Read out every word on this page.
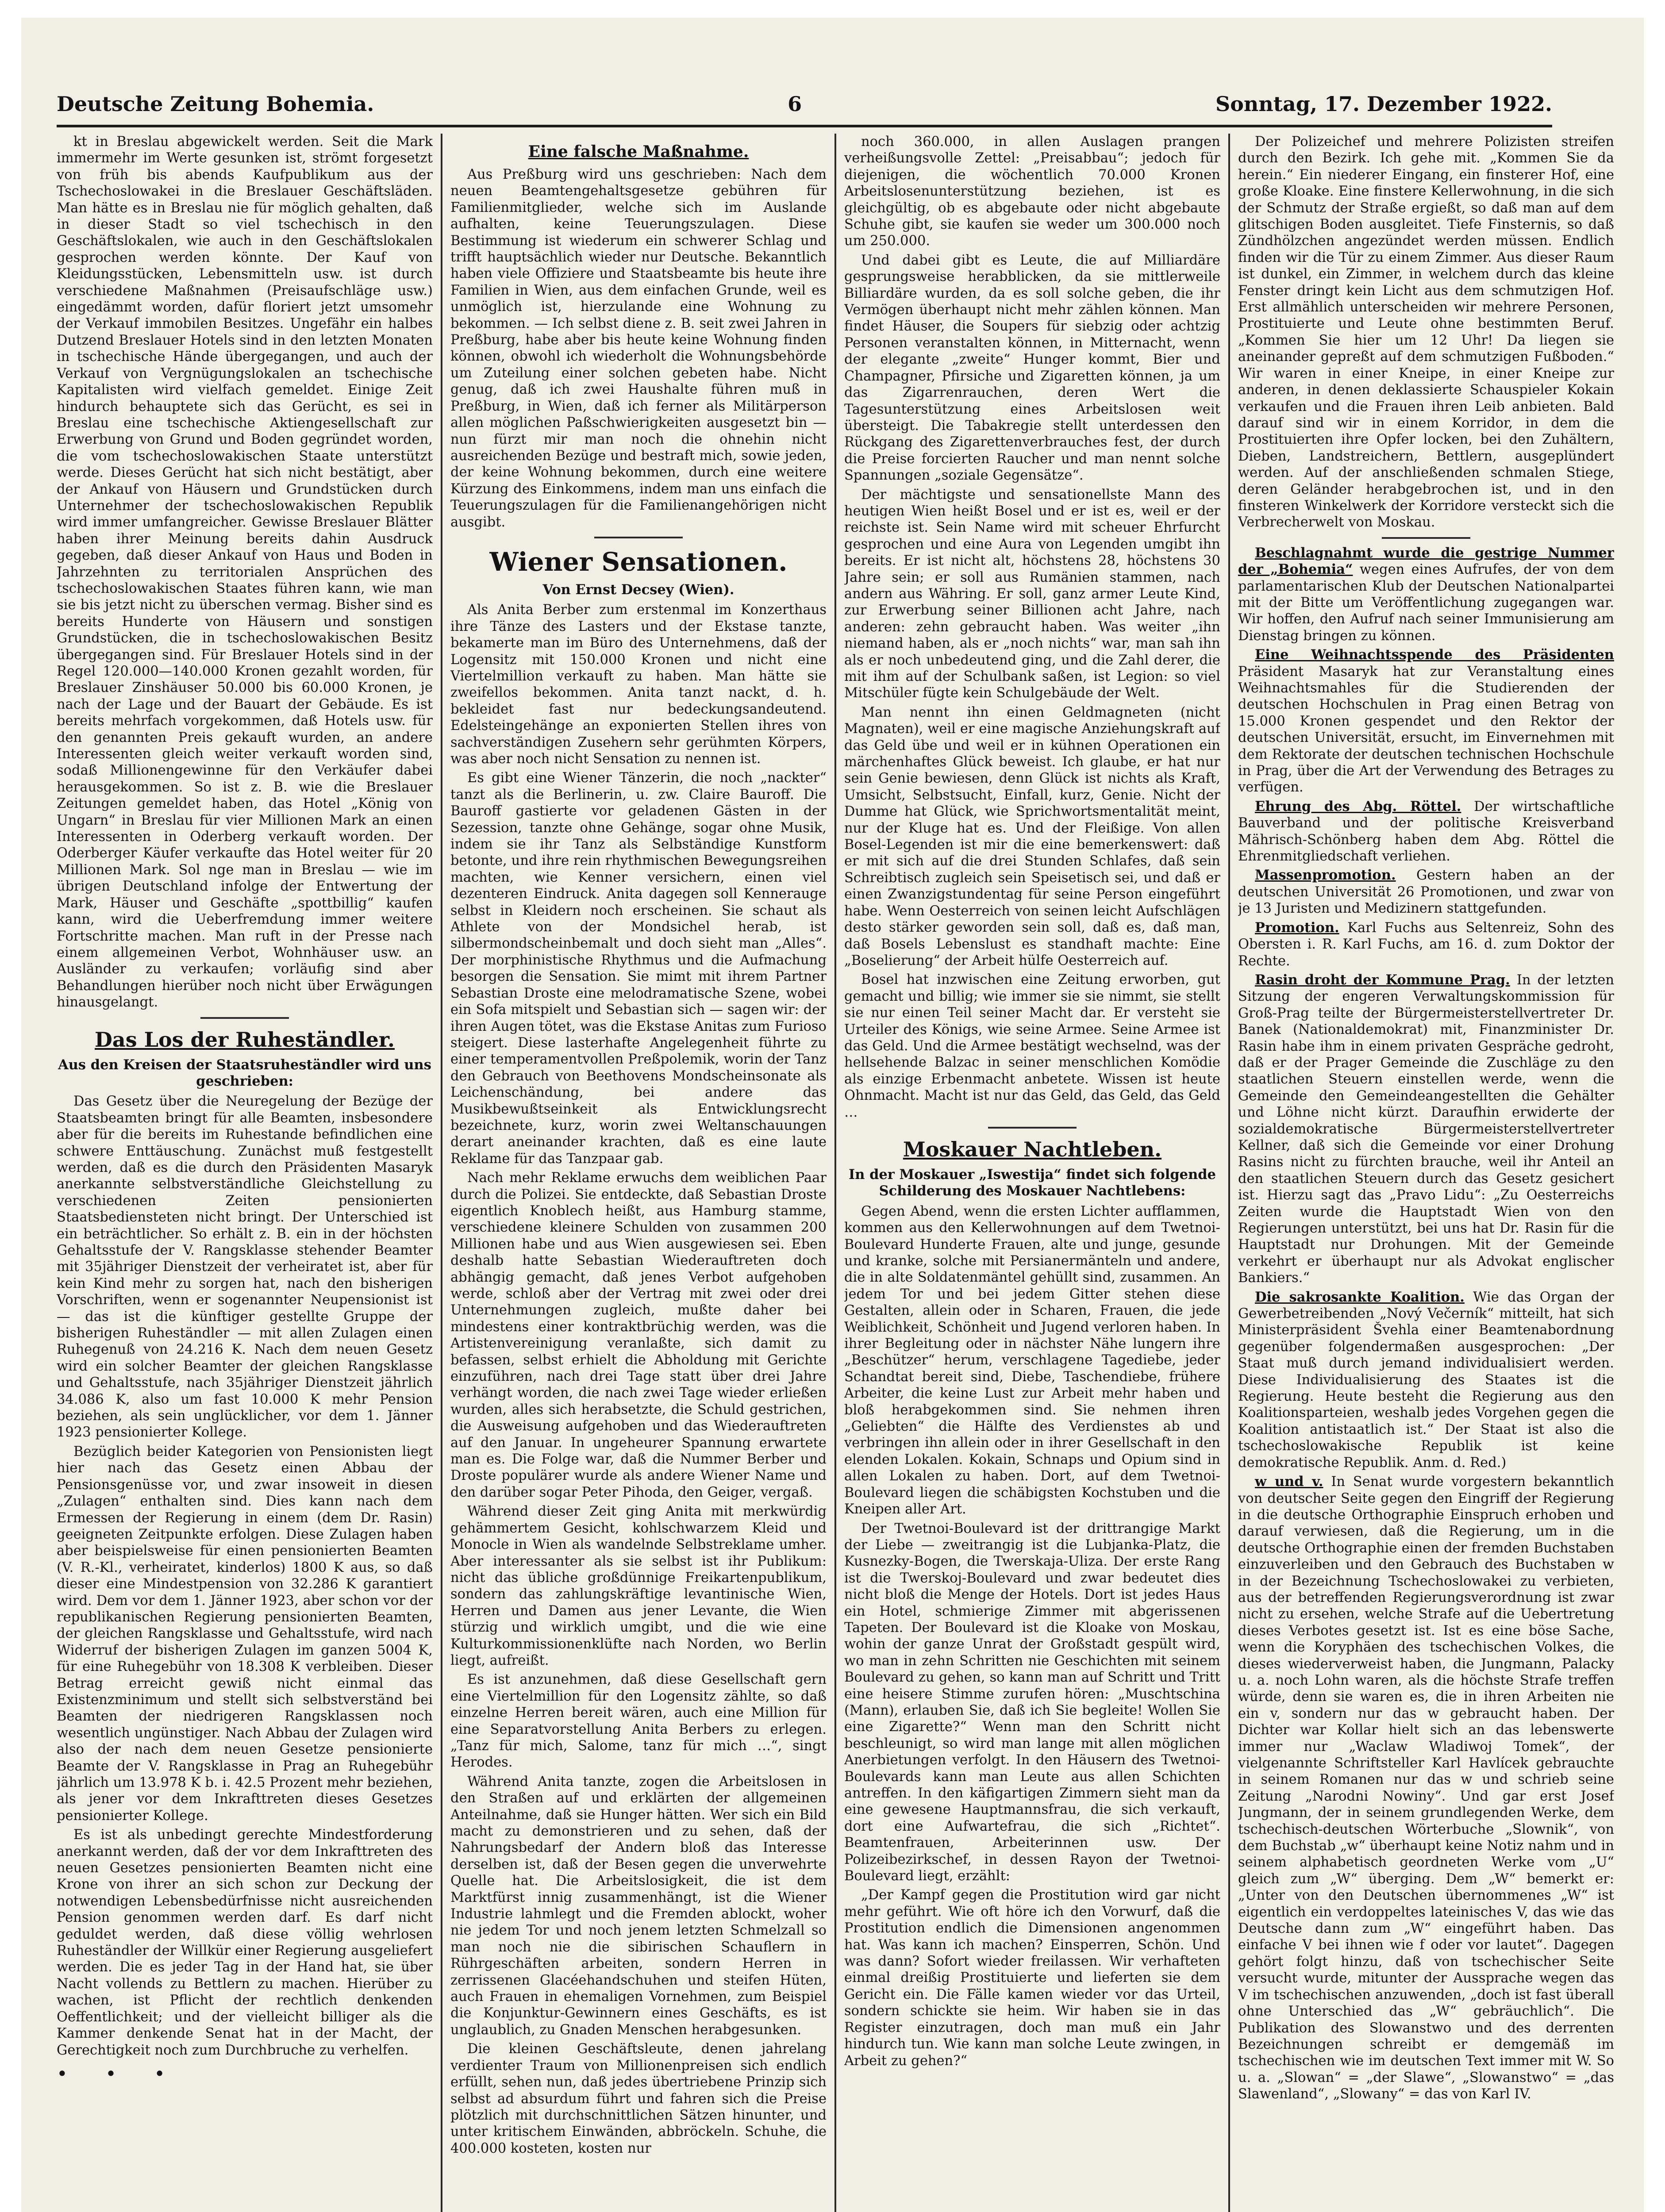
Deutsche Zeitung Bohemia.	6	Sonntag, 17. Dezember 1922.

kt in Breslau abgewickelt werden. Seit die Mark immermehr im Werte gesunken ist, strömt forgesetzt von früh bis abends Kaufpublikum aus der Tschechoslowakei in die Breslauer Geschäftsläden. Man hätte es in Breslau nie für möglich gehalten, daß in dieser Stadt so viel tschechisch in den Geschäftslokalen, wie auch in den Geschäftslokalen gesprochen werden könnte. Der Kauf von Kleidungsstücken, Lebensmitteln usw. ist durch verschiedene Maßnahmen (Preisaufschläge usw.) eingedämmt worden, dafür floriert jetzt umsomehr der Verkauf immobilen Besitzes. Ungefähr ein halbes Dutzend Breslauer Hotels sind in den letzten Monaten in tschechische Hände übergegangen, und auch der Verkauf von Vergnügungslokalen an tschechische Kapitalisten wird vielfach gemeldet. Einige Zeit hindurch behauptete sich das Gerücht, es sei in Breslau eine tschechische Aktiengesellschaft zur Erwerbung von Grund und Boden gegründet worden, die vom tschechoslowakischen Staate unterstützt werde. Dieses Gerücht hat sich nicht bestätigt, aber der Ankauf von Häusern und Grundstücken durch Unternehmer der tschechoslowakischen Republik wird immer umfangreicher. Gewisse Breslauer Blätter haben ihrer Meinung bereits dahin Ausdruck gegeben, daß dieser Ankauf von Haus und Boden in Jahrzehnten zu territorialen Ansprüchen des tschechoslowakischen Staates führen kann, wie man sie bis jetzt nicht zu überschen vermag. Bisher sind es bereits Hunderte von Häusern und sonstigen Grundstücken, die in tschechoslowakischen Besitz übergegangen sind. Für Breslauer Hotels sind in der Regel 120.000—140.000 Kronen gezahlt worden, für Breslauer Zinshäuser 50.000 bis 60.000 Kronen, je nach der Lage und der Bauart der Gebäude. Es ist bereits mehrfach vorgekommen, daß Hotels usw. für den genannten Preis gekauft wurden, an andere Interessenten gleich weiter verkauft worden sind, sodaß Millionengewinne für den Verkäufer dabei herausgekommen. So ist z. B. wie die Breslauer Zeitungen gemeldet haben, das Hotel „König von Ungarn“ in Breslau für vier Millionen Mark an einen Interessenten in Oderberg verkauft worden. Der Oderberger Käufer verkaufte das Hotel weiter für 20 Millionen Mark. Sol nge man in Breslau — wie im übrigen Deutschland infolge der Entwertung der Mark, Häuser und Geschäfte „spottbillig“ kaufen kann, wird die Ueberfremdung immer weitere Fortschritte machen. Man ruft in der Presse nach einem allgemeinen Verbot, Wohnhäuser usw. an Ausländer zu verkaufen; vorläufig sind aber Behandlungen hierüber noch nicht über Erwägungen hinausgelangt.

Das Los der Ruheständler.

Aus den Kreisen der Staatsruheständler wird uns geschrieben:

Das Gesetz über die Neuregelung der Bezüge der Staatsbeamten bringt für alle Beamten, insbesondere aber für die bereits im Ruhestande befindlichen eine schwere Enttäuschung. Zunächst muß festgestellt werden, daß es die durch den Präsidenten Masaryk anerkannte selbstverständliche Gleichstellung zu verschiedenen Zeiten pensionierten Staatsbediensteten nicht bringt. Der Unterschied ist ein beträchtlicher. So erhält z. B. ein in der höchsten Gehaltsstufe der V. Rangsklasse stehender Beamter mit 35jähriger Dienstzeit der verheiratet ist, aber für kein Kind mehr zu sorgen hat, nach den bisherigen Vorschriften, wenn er sogenannter Neupensionist ist — das ist die künftiger gestellte Gruppe der bisherigen Ruheständler — mit allen Zulagen einen Ruhegenuß von 24.216 K. Nach dem neuen Gesetz wird ein solcher Beamter der gleichen Rangsklasse und Gehaltsstufe, nach 35jähriger Dienstzeit jährlich 34.086 K, also um fast 10.000 K mehr Pension beziehen, als sein unglücklicher, vor dem 1. Jänner 1923 pensionierter Kollege.

Bezüglich beider Kategorien von Pensionisten liegt hier nach das Gesetz einen Abbau der Pensionsgenüsse vor, und zwar insoweit in diesen „Zulagen“ enthalten sind. Dies kann nach dem Ermessen der Regierung in einem (dem Dr. Rasin) geeigneten Zeitpunkte erfolgen. Diese Zulagen haben aber beispielsweise für einen pensionierten Beamten (V. R.-Kl., verheiratet, kinderlos) 1800 K aus, so daß dieser eine Mindestpension von 32.286 K garantiert wird. Dem vor dem 1. Jänner 1923, aber schon vor der republikanischen Regierung pensionierten Beamten, der gleichen Rangsklasse und Gehaltsstufe, wird nach Widerruf der bisherigen Zulagen im ganzen 5004 K, für eine Ruhegebühr von 18.308 K verbleiben. Dieser Betrag erreicht gewiß nicht einmal das Existenzminimum und stellt sich selbstverständ bei Beamten der niedrigeren Rangsklassen noch wesentlich ungünstiger. Nach Abbau der Zulagen wird also der nach dem neuen Gesetze pensionierte Beamte der V. Rangsklasse in Prag an Ruhegebühr jährlich um 13.978 K b. i. 42.5 Prozent mehr beziehen, als jener vor dem Inkrafttreten dieses Gesetzes pensionierter Kollege.

Es ist als unbedingt gerechte Mindestforderung anerkannt werden, daß der vor dem Inkrafttreten des neuen Gesetzes pensionierten Beamten nicht eine Krone von ihrer an sich schon zur Deckung der notwendigen Lebensbedürfnisse nicht ausreichenden Pension genommen werden darf. Es darf nicht geduldet werden, daß diese völlig wehrlosen Ruheständler der Willkür einer Regierung ausgeliefert werden. Die es jeder Tag in der Hand hat, sie über Nacht vollends zu Bettlern zu machen. Hierüber zu wachen, ist Pflicht der rechtlich denkenden Oeffentlichkeit; und der vielleicht billiger als die Kammer denkende Senat hat in der Macht, der Gerechtigkeit noch zum Durchbruche zu verhelfen.

• • •

Eine falsche Maßnahme.

Aus Preßburg wird uns geschrieben: Nach dem neuen Beamtengehaltsgesetze gebühren für Familienmitglieder, welche sich im Auslande aufhalten, keine Teuerungszulagen. Diese Bestimmung ist wiederum ein schwerer Schlag und trifft hauptsächlich wieder nur Deutsche. Bekanntlich haben viele Offiziere und Staatsbeamte bis heute ihre Familien in Wien, aus dem einfachen Grunde, weil es unmöglich ist, hierzulande eine Wohnung zu bekommen. — Ich selbst diene z. B. seit zwei Jahren in Preßburg, habe aber bis heute keine Wohnung finden können, obwohl ich wiederholt die Wohnungsbehörde um Zuteilung einer solchen gebeten habe. Nicht genug, daß ich zwei Haushalte führen muß in Preßburg, in Wien, daß ich ferner als Militärperson allen möglichen Paßschwierigkeiten ausgesetzt bin — nun fürzt mir man noch die ohnehin nicht ausreichenden Bezüge und bestraft mich, sowie jeden, der keine Wohnung bekommen, durch eine weitere Kürzung des Einkommens, indem man uns einfach die Teuerungszulagen für die Familienangehörigen nicht ausgibt.

Wiener Sensationen.

Von Ernst Decsey (Wien).

Als Anita Berber zum erstenmal im Konzerthaus ihre Tänze des Lasters und der Ekstase tanzte, bekamerte man im Büro des Unternehmens, daß der Logensitz mit 150.000 Kronen und nicht eine Viertelmillion verkauft zu haben. Man hätte sie zweifellos bekommen. Anita tanzt nackt, d. h. bekleidet fast nur bedeckungsandeutend. Edelsteingehänge an exponierten Stellen ihres von sachverständigen Zusehern sehr gerühmten Körpers, was aber noch nicht Sensation zu nennen ist.

Es gibt eine Wiener Tänzerin, die noch „nackter“ tanzt als die Berlinerin, u. zw. Claire Bauroff. Die Bauroff gastierte vor geladenen Gästen in der Sezession, tanzte ohne Gehänge, sogar ohne Musik, indem sie ihr Tanz als Selbständige Kunstform betonte, und ihre rein rhythmischen Bewegungsreihen machten, wie Kenner versichern, einen viel dezenteren Eindruck. Anita dagegen soll Kennerauge selbst in Kleidern noch erscheinen. Sie schaut als Athlete von der Mondsichel herab, ist silbermondscheinbemalt und doch sieht man „Alles“. Der morphinistische Rhythmus und die Aufmachung besorgen die Sensation. Sie mimt mit ihrem Partner Sebastian Droste eine melodramatische Szene, wobei ein Sofa mitspielt und Sebastian sich — sagen wir: der ihren Augen tötet, was die Ekstase Anitas zum Furioso steigert. Diese lasterhafte Angelegenheit führte zu einer temperamentvollen Preßpolemik, worin der Tanz den Gebrauch von Beethovens Mondscheinsonate als Leichenschändung, bei andere das Musikbewußtseinkeit als Entwicklungsrecht bezeichnete, kurz, worin zwei Weltanschauungen derart aneinander krachten, daß es eine laute Reklame für das Tanzpaar gab.

Nach mehr Reklame erwuchs dem weiblichen Paar durch die Polizei. Sie entdeckte, daß Sebastian Droste eigentlich Knoblech heißt, aus Hamburg stamme, verschiedene kleinere Schulden von zusammen 200 Millionen habe und aus Wien ausgewiesen sei. Eben deshalb hatte Sebastian Wiederauftreten doch abhängig gemacht, daß jenes Verbot aufgehoben werde, schloß aber der Vertrag mit zwei oder drei Unternehmungen zugleich, mußte daher bei mindestens einer kontraktbrüchig werden, was die Artistenvereinigung veranlaßte, sich damit zu befassen, selbst erhielt die Abholdung mit Gerichte einzuführen, nach drei Tage statt über drei Jahre verhängt worden, die nach zwei Tage wieder erließen wurden, alles sich herabsetzte, die Schuld gestrichen, die Ausweisung aufgehoben und das Wiederauftreten auf den Januar. In ungeheurer Spannung erwartete man es. Die Folge war, daß die Nummer Berber und Droste populärer wurde als andere Wiener Name und den darüber sogar Peter Pihoda, den Geiger, vergaß.

Während dieser Zeit ging Anita mit merkwürdig gehämmertem Gesicht, kohlschwarzem Kleid und Monocle in Wien als wandelnde Selbstreklame umher. Aber interessanter als sie selbst ist ihr Publikum: nicht das übliche großdünnige Freikartenpublikum, sondern das zahlungskräftige levantinische Wien, Herren und Damen aus jener Levante, die Wien stürzig und wirklich umgibt, und die wie eine Kulturkommissionenklüfte nach Norden, wo Berlin liegt, aufreißt.

Es ist anzunehmen, daß diese Gesellschaft gern eine Viertelmillion für den Logensitz zählte, so daß einzelne Herren bereit wären, auch eine Million für eine Separatvorstellung Anita Berbers zu erlegen. „Tanz für mich, Salome, tanz für mich …“, singt Herodes.

Während Anita tanzte, zogen die Arbeitslosen in den Straßen auf und erklärten der allgemeinen Anteilnahme, daß sie Hunger hätten. Wer sich ein Bild macht zu demonstrieren und zu sehen, daß der Nahrungsbedarf der Andern bloß das Interesse derselben ist, daß der Besen gegen die unverwehrte Quelle hat. Die Arbeitslosigkeit, die ist dem Marktfürst innig zusammenhängt, ist die Wiener Industrie lahmlegt und die Fremden ablockt, woher nie jedem Tor und noch jenem letzten Schmelzall so man noch nie die sibirischen Schauflern in Rührgeschäften arbeiten, sondern Herren in zerrissenen Glacéehandschuhen und steifen Hüten, auch Frauen in ehemaligen Vornehmen, zum Beispiel die Konjunktur-Gewinnern eines Geschäfts, es ist unglaublich, zu Gnaden Menschen herabgesunken.

Die kleinen Geschäftsleute, denen jahrelang verdienter Traum von Millionenpreisen sich endlich erfüllt, sehen nun, daß jedes übertriebene Prinzip sich selbst ad absurdum führt und fahren sich die Preise plötzlich mit durchschnittlichen Sätzen hinunter, und unter kritischem Einwänden, abbröckeln. Schuhe, die 400.000 kosteten, kosten nur

noch 360.000, in allen Auslagen prangen verheißungsvolle Zettel: „Preisabbau“; jedoch für diejenigen, die wöchentlich 70.000 Kronen Arbeitslosenunterstützung beziehen, ist es gleichgültig, ob es abgebaute oder nicht abgebaute Schuhe gibt, sie kaufen sie weder um 300.000 noch um 250.000.

Und dabei gibt es Leute, die auf Milliardäre gesprungsweise herabblicken, da sie mittlerweile Billiardäre wurden, da es soll solche geben, die ihr Vermögen überhaupt nicht mehr zählen können. Man findet Häuser, die Soupers für siebzig oder achtzig Personen veranstalten können, in Mitternacht, wenn der elegante „zweite“ Hunger kommt, Bier und Champagner, Pfirsiche und Zigaretten können, ja um das Zigarrenrauchen, deren Wert die Tagesunterstützung eines Arbeitslosen weit übersteigt. Die Tabakregie stellt unterdessen den Rückgang des Zigarettenverbrauches fest, der durch die Preise forcierten Raucher und man nennt solche Spannungen „soziale Gegensätze“.

Der mächtigste und sensationellste Mann des heutigen Wien heißt Bosel und er ist es, weil er der reichste ist. Sein Name wird mit scheuer Ehrfurcht gesprochen und eine Aura von Legenden umgibt ihn bereits. Er ist nicht alt, höchstens 28, höchstens 30 Jahre sein; er soll aus Rumänien stammen, nach andern aus Währing. Er soll, ganz armer Leute Kind, zur Erwerbung seiner Billionen acht Jahre, nach anderen: zehn gebraucht haben. Was weiter „ihn niemand haben, als er „noch nichts“ war, man sah ihn als er noch unbedeutend ging, und die Zahl derer, die mit ihm auf der Schulbank saßen, ist Legion: so viel Mitschüler fügte kein Schulgebäude der Welt.

Man nennt ihn einen Geldmagneten (nicht Magnaten), weil er eine magische Anziehungskraft auf das Geld übe und weil er in kühnen Operationen ein märchenhaftes Glück beweist. Ich glaube, er hat nur sein Genie bewiesen, denn Glück ist nichts als Kraft, Umsicht, Selbstsucht, Einfall, kurz, Genie. Nicht der Dumme hat Glück, wie Sprichwortsmentalität meint, nur der Kluge hat es. Und der Fleißige. Von allen Bosel-Legenden ist mir die eine bemerkenswert: daß er mit sich auf die drei Stunden Schlafes, daß sein Schreibtisch zugleich sein Speisetisch sei, und daß er einen Zwanzigstundentag für seine Person eingeführt habe. Wenn Oesterreich von seinen leicht Aufschlägen desto stärker geworden sein soll, daß es, daß man, daß Bosels Lebenslust es standhaft machte: Eine „Boselierung“ der Arbeit hülfe Oesterreich auf.

Bosel hat inzwischen eine Zeitung erworben, gut gemacht und billig; wie immer sie sie nimmt, sie stellt sie nur einen Teil seiner Macht dar. Er versteht sie Urteiler des Königs, wie seine Armee. Seine Armee ist das Geld. Und die Armee bestätigt wechselnd, was der hellsehende Balzac in seiner menschlichen Komödie als einzige Erbenmacht anbetete. Wissen ist heute Ohnmacht. Macht ist nur das Geld, das Geld, das Geld …

Moskauer Nachtleben.

In der Moskauer „Iswestija“ findet sich folgende Schilderung des Moskauer Nachtlebens:

Gegen Abend, wenn die ersten Lichter aufflammen, kommen aus den Kellerwohnungen auf dem Twetnoi-Boulevard Hunderte Frauen, alte und junge, gesunde und kranke, solche mit Persianermänteln und andere, die in alte Soldatenmäntel gehüllt sind, zusammen. An jedem Tor und bei jedem Gitter stehen diese Gestalten, allein oder in Scharen, Frauen, die jede Weiblichkeit, Schönheit und Jugend verloren haben. In ihrer Begleitung oder in nächster Nähe lungern ihre „Beschützer“ herum, verschlagene Tagediebe, jeder Schandtat bereit sind, Diebe, Taschendiebe, frühere Arbeiter, die keine Lust zur Arbeit mehr haben und bloß herabgekommen sind. Sie nehmen ihren „Geliebten“ die Hälfte des Verdienstes ab und verbringen ihn allein oder in ihrer Gesellschaft in den elenden Lokalen. Kokain, Schnaps und Opium sind in allen Lokalen zu haben. Dort, auf dem Twetnoi-Boulevard liegen die schäbigsten Kochstuben und die Kneipen aller Art.

Der Twetnoi-Boulevard ist der drittrangige Markt der Liebe — zweitrangig ist die Lubjanka-Platz, die Kusnezky-Bogen, die Twerskaja-Uliza. Der erste Rang ist die Twerskoj-Boulevard und zwar bedeutet dies nicht bloß die Menge der Hotels. Dort ist jedes Haus ein Hotel, schmierige Zimmer mit abgerissenen Tapeten. Der Boulevard ist die Kloake von Moskau, wohin der ganze Unrat der Großstadt gespült wird, wo man in zehn Schritten nie Geschichten mit seinem Boulevard zu gehen, so kann man auf Schritt und Tritt eine heisere Stimme zurufen hören: „Muschtschina (Mann), erlauben Sie, daß ich Sie begleite! Wollen Sie eine Zigarette?“ Wenn man den Schritt nicht beschleunigt, so wird man lange mit allen möglichen Anerbietungen verfolgt. In den Häusern des Twetnoi-Boulevards kann man Leute aus allen Schichten antreffen. In den käfigartigen Zimmern sieht man da eine gewesene Hauptmannsfrau, die sich verkauft, dort eine Aufwartefrau, die sich „Richtet“. Beamtenfrauen, Arbeiterinnen usw. Der Polizeibezirkschef, in dessen Rayon der Twetnoi-Boulevard liegt, erzählt:

„Der Kampf gegen die Prostitution wird gar nicht mehr geführt. Wie oft höre ich den Vorwurf, daß die Prostitution endlich die Dimensionen angenommen hat. Was kann ich machen? Einsperren, Schön. Und was dann? Sofort wieder freilassen. Wir verhafteten einmal dreißig Prostituierte und lieferten sie dem Gericht ein. Die Fälle kamen wieder vor das Urteil, sondern schickte sie heim. Wir haben sie in das Register einzutragen, doch man muß ein Jahr hindurch tun. Wie kann man solche Leute zwingen, in Arbeit zu gehen?“

Der Polizeichef und mehrere Polizisten streifen durch den Bezirk. Ich gehe mit. „Kommen Sie da herein.“ Ein niederer Eingang, ein finsterer Hof, eine große Kloake. Eine finstere Kellerwohnung, in die sich der Schmutz der Straße ergießt, so daß man auf dem glitschigen Boden ausgleitet. Tiefe Finsternis, so daß Zündhölzchen angezündet werden müssen. Endlich finden wir die Tür zu einem Zimmer. Aus dieser Raum ist dunkel, ein Zimmer, in welchem durch das kleine Fenster dringt kein Licht aus dem schmutzigen Hof. Erst allmählich unterscheiden wir mehrere Personen, Prostituierte und Leute ohne bestimmten Beruf. „Kommen Sie hier um 12 Uhr! Da liegen sie aneinander gepreßt auf dem schmutzigen Fußboden.“ Wir waren in einer Kneipe, in einer Kneipe zur anderen, in denen deklassierte Schauspieler Kokain verkaufen und die Frauen ihren Leib anbieten. Bald darauf sind wir in einem Korridor, in dem die Prostituierten ihre Opfer locken, bei den Zuhältern, Dieben, Landstreichern, Bettlern, ausgeplündert werden. Auf der anschließenden schmalen Stiege, deren Geländer herabgebrochen ist, und in den finsteren Winkelwerk der Korridore versteckt sich die Verbrecherwelt von Moskau.

Beschlagnahmt wurde die gestrige Nummer der „Bohemia“ wegen eines Aufrufes, der von dem parlamentarischen Klub der Deutschen Nationalpartei mit der Bitte um Veröffentlichung zugegangen war. Wir hoffen, den Aufruf nach seiner Immunisierung am Dienstag bringen zu können.

Eine Weihnachtsspende des Präsidenten Präsident Masaryk hat zur Veranstaltung eines Weihnachtsmahles für die Studierenden der deutschen Hochschulen in Prag einen Betrag von 15.000 Kronen gespendet und den Rektor der deutschen Universität, ersucht, im Einvernehmen mit dem Rektorate der deutschen technischen Hochschule in Prag, über die Art der Verwendung des Betrages zu verfügen.

Ehrung des Abg. Röttel. Der wirtschaftliche Bauverband und der politische Kreisverband Mährisch-Schönberg haben dem Abg. Röttel die Ehrenmitgliedschaft verliehen.

Massenpromotion. Gestern haben an der deutschen Universität 26 Promotionen, und zwar von je 13 Juristen und Medizinern stattgefunden.

Promotion. Karl Fuchs aus Seltenreiz, Sohn des Obersten i. R. Karl Fuchs, am 16. d. zum Doktor der Rechte.

Rasin droht der Kommune Prag. In der letzten Sitzung der engeren Verwaltungskommission für Groß-Prag teilte der Bürgermeisterstellvertreter Dr. Banek (Nationaldemokrat) mit, Finanzminister Dr. Rasin habe ihm in einem privaten Gespräche gedroht, daß er der Prager Gemeinde die Zuschläge zu den staatlichen Steuern einstellen werde, wenn die Gemeinde den Gemeindeangestellten die Gehälter und Löhne nicht kürzt. Daraufhin erwiderte der sozialdemokratische Bürgermeisterstellvertreter Kellner, daß sich die Gemeinde vor einer Drohung Rasins nicht zu fürchten brauche, weil ihr Anteil an den staatlichen Steuern durch das Gesetz gesichert ist. Hierzu sagt das „Pravo Lidu“: „Zu Oesterreichs Zeiten wurde die Hauptstadt Wien von den Regierungen unterstützt, bei uns hat Dr. Rasin für die Hauptstadt nur Drohungen. Mit der Gemeinde verkehrt er überhaupt nur als Advokat englischer Bankiers.“

Die sakrosankte Koalition. Wie das Organ der Gewerbetreibenden „Nový Večerník“ mitteilt, hat sich Ministerpräsident Švehla einer Beamtenabordnung gegenüber folgendermaßen ausgesprochen: „Der Staat muß durch jemand individualisiert werden. Diese Individualisierung des Staates ist die Regierung. Heute besteht die Regierung aus den Koalitionsparteien, weshalb jedes Vorgehen gegen die Koalition antistaatlich ist.“ Der Staat ist also die tschechoslowakische Republik ist keine demokratische Republik. Anm. d. Red.)

w und v. In Senat wurde vorgestern bekanntlich von deutscher Seite gegen den Eingriff der Regierung in die deutsche Orthographie Einspruch erhoben und darauf verwiesen, daß die Regierung, um in die deutsche Orthographie einen der fremden Buchstaben einzuverleiben und den Gebrauch des Buchstaben w in der Bezeichnung Tschechoslowakei zu verbieten, aus der betreffenden Regierungsverordnung ist zwar nicht zu ersehen, welche Strafe auf die Uebertretung dieses Verbotes gesetzt ist. Ist es eine böse Sache, wenn die Koryphäen des tschechischen Volkes, die dieses wiederverweist haben, die Jungmann, Palacky u. a. noch Lohn waren, als die höchste Strafe treffen würde, denn sie waren es, die in ihren Arbeiten nie ein v, sondern nur das w gebraucht haben. Der Dichter war Kollar hielt sich an das lebenswerte immer nur „Waclaw Wladiwoj Tomek“, der vielgenannte Schriftsteller Karl Havlícek gebrauchte in seinem Romanen nur das w und schrieb seine Zeitung „Narodni Nowiny“. Und gar erst Josef Jungmann, der in seinem grundlegenden Werke, dem tschechisch-deutschen Wörterbuche „Slownik“, von dem Buchstab „w“ überhaupt keine Notiz nahm und in seinem alphabetisch geordneten Werke vom „U“ gleich zum „W“ überging. Dem „W“ bemerkt er: „Unter von den Deutschen übernommenes „W“ ist eigentlich ein verdoppeltes lateinisches V, das wie das Deutsche dann zum „W“ eingeführt haben. Das einfache V bei ihnen wie f oder vor lautet“. Dagegen gehört folgt hinzu, daß von tschechischer Seite versucht wurde, mitunter der Aussprache wegen das V im tschechischen anzuwenden, „doch ist fast überall ohne Unterschied das „W“ gebräuchlich“. Die Publikation des Slowanstwo und des derrenten Bezeichnungen schreibt er demgemäß im tschechischen wie im deutschen Text immer mit W. So u. a. „Slowan“ = „der Slawe“, „Slowanstwo“ = „das Slawenland“, „Slowany“ = das von Karl IV.
